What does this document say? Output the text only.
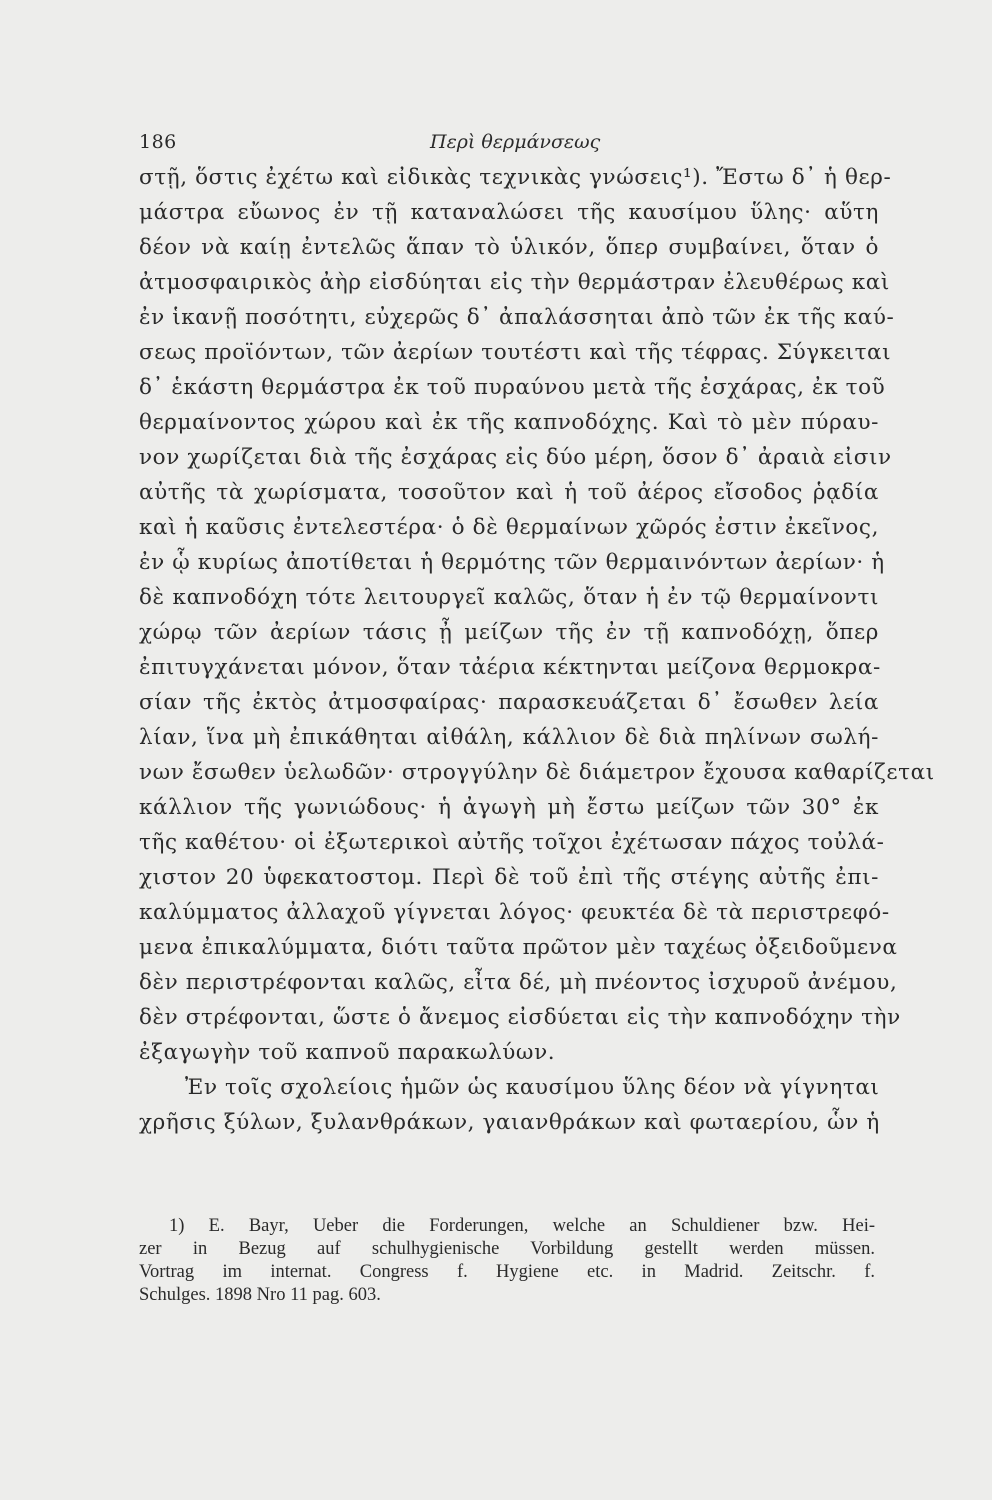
186	Περὶ θερμάνσεως
στῇ, ὅστις ἐχέτω καὶ εἰδικὰς τεχνικὰς γνώσεις¹). Ἔστω δ᾽ ἡ θερ-
μάστρα εὔωνος ἐν τῇ καταναλώσει τῆς καυσίμου ὕλης· αὕτη
δέον νὰ καίῃ ἐντελῶς ἅπαν τὸ ὑλικόν, ὅπερ συμβαίνει, ὅταν ὁ
ἀτμοσφαιρικὸς ἀὴρ εἰσδύηται εἰς τὴν θερμάστραν ἐλευθέρως καὶ
ἐν ἱκανῇ ποσότητι, εὐχερῶς δ᾽ ἀπαλάσσηται ἀπὸ τῶν ἐκ τῆς καύ-
σεως προϊόντων, τῶν ἀερίων τουτέστι καὶ τῆς τέφρας. Σύγκειται
δ᾽ ἑκάστη θερμάστρα ἐκ τοῦ πυραύνου μετὰ τῆς ἐσχάρας, ἐκ τοῦ
θερμαίνοντος χώρου καὶ ἐκ τῆς καπνοδόχης. Καὶ τὸ μὲν πύραυ-
νον χωρίζεται διὰ τῆς ἐσχάρας εἰς δύο μέρη, ὅσον δ᾽ ἀραιὰ εἰσιν
αὐτῆς τὰ χωρίσματα, τοσοῦτον καὶ ἡ τοῦ ἀέρος εἴσοδος ῥᾳδία
καὶ ἡ καῦσις ἐντελεστέρα· ὁ δὲ θερμαίνων χῶρός ἐστιν ἐκεῖνος,
ἐν ᾧ κυρίως ἀποτίθεται ἡ θερμότης τῶν θερμαινόντων ἀερίων· ἡ
δὲ καπνοδόχη τότε λειτουργεῖ καλῶς, ὅταν ἡ ἐν τῷ θερμαίνοντι
χώρῳ τῶν ἀερίων τάσις ᾖ μείζων τῆς ἐν τῇ καπνοδόχῃ, ὅπερ
ἐπιτυγχάνεται μόνον, ὅταν τἀέρια κέκτηνται μείζονα θερμοκρα-
σίαν τῆς ἐκτὸς ἀτμοσφαίρας· παρασκευάζεται δ᾽ ἔσωθεν λεία
λίαν, ἵνα μὴ ἐπικάθηται αἰθάλη, κάλλιον δὲ διὰ πηλίνων σωλή-
νων ἔσωθεν ὑελωδῶν· στρογγύλην δὲ διάμετρον ἔχουσα καθαρίζεται
κάλλιον τῆς γωνιώδους· ἡ ἀγωγὴ μὴ ἔστω μείζων τῶν 30° ἐκ
τῆς καθέτου· οἱ ἐξωτερικοὶ αὐτῆς τοῖχοι ἐχέτωσαν πάχος τοὐλά-
χιστον 20 ὑφεκατοστομ. Περὶ δὲ τοῦ ἐπὶ τῆς στέγης αὐτῆς ἐπι-
καλύμματος ἀλλαχοῦ γίγνεται λόγος· φευκτέα δὲ τὰ περιστρεφό-
μενα ἐπικαλύμματα, διότι ταῦτα πρῶτον μὲν ταχέως ὀξειδοῦμενα
δὲν περιστρέφονται καλῶς, εἶτα δέ, μὴ πνέοντος ἰσχυροῦ ἀνέμου,
δὲν στρέφονται, ὥστε ὁ ἄνεμος εἰσδύεται εἰς τὴν καπνοδόχην τὴν
ἐξαγωγὴν τοῦ καπνοῦ παρακωλύων.
Ἐν τοῖς σχολείοις ἡμῶν ὡς καυσίμου ὕλης δέον νὰ γίγνηται
χρῆσις ξύλων, ξυλανθράκων, γαιανθράκων καὶ φωταερίου, ὧν ἡ
1) E. Bayr, Ueber die Forderungen, welche an Schuldiener bzw. Hei-
zer in Bezug auf schulhygienische Vorbildung gestellt werden müssen.
Vortrag im internat. Congress f. Hygiene etc. in Madrid. Zeitschr. f.
Schulges. 1898 Nro 11 pag. 603.
